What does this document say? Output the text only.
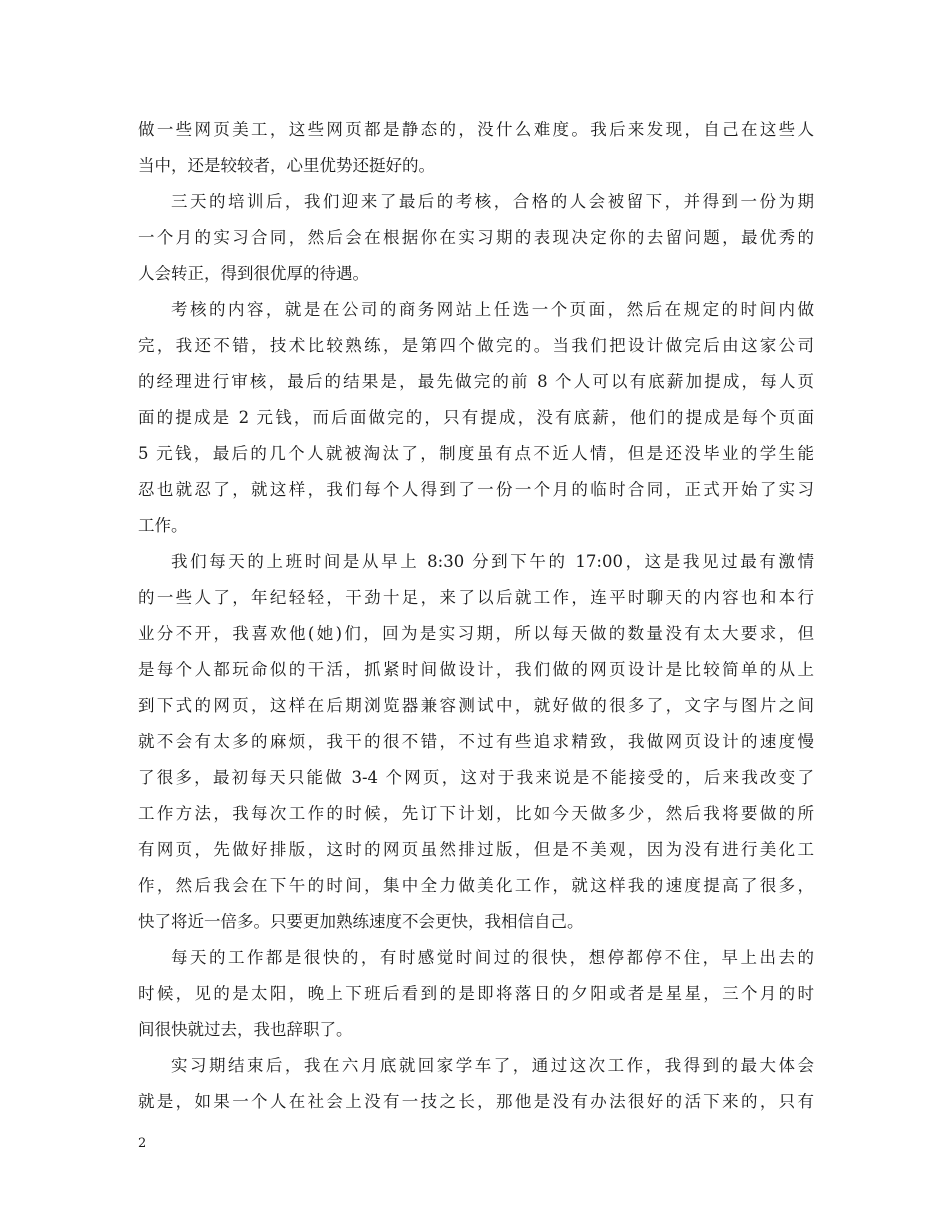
做一些网页美工，这些网页都是静态的，没什么难度。我后来发现，自己在这些人
当中，还是较较者，心里优势还挺好的。
三天的培训后，我们迎来了最后的考核，合格的人会被留下，并得到一份为期
一个月的实习合同，然后会在根据你在实习期的表现决定你的去留问题，最优秀的
人会转正，得到很优厚的待遇。
考核的内容，就是在公司的商务网站上任选一个页面，然后在规定的时间内做
完，我还不错，技术比较熟练，是第四个做完的。当我们把设计做完后由这家公司
的经理进行审核，最后的结果是，最先做完的前 8 个人可以有底薪加提成，每人页
面的提成是 2 元钱，而后面做完的，只有提成，没有底薪，他们的提成是每个页面
5 元钱，最后的几个人就被淘汰了，制度虽有点不近人情，但是还没毕业的学生能
忍也就忍了，就这样，我们每个人得到了一份一个月的临时合同，正式开始了实习
工作。
我们每天的上班时间是从早上 8:30 分到下午的 17:00，这是我见过最有激情
的一些人了，年纪轻轻，干劲十足，来了以后就工作，连平时聊天的内容也和本行
业分不开，我喜欢他(她)们，回为是实习期，所以每天做的数量没有太大要求，但
是每个人都玩命似的干活，抓紧时间做设计，我们做的网页设计是比较简单的从上
到下式的网页，这样在后期浏览器兼容测试中，就好做的很多了，文字与图片之间
就不会有太多的麻烦，我干的很不错，不过有些追求精致，我做网页设计的速度慢
了很多，最初每天只能做 3-4 个网页，这对于我来说是不能接受的，后来我改变了
工作方法，我每次工作的时候，先订下计划，比如今天做多少，然后我将要做的所
有网页，先做好排版，这时的网页虽然排过版，但是不美观，因为没有进行美化工
作，然后我会在下午的时间，集中全力做美化工作，就这样我的速度提高了很多，
快了将近一倍多。只要更加熟练速度不会更快，我相信自己。
每天的工作都是很快的，有时感觉时间过的很快，想停都停不住，早上出去的
时候，见的是太阳，晚上下班后看到的是即将落日的夕阳或者是星星，三个月的时
间很快就过去，我也辞职了。
实习期结束后，我在六月底就回家学车了，通过这次工作，我得到的最大体会
就是，如果一个人在社会上没有一技之长，那他是没有办法很好的活下来的，只有
2
